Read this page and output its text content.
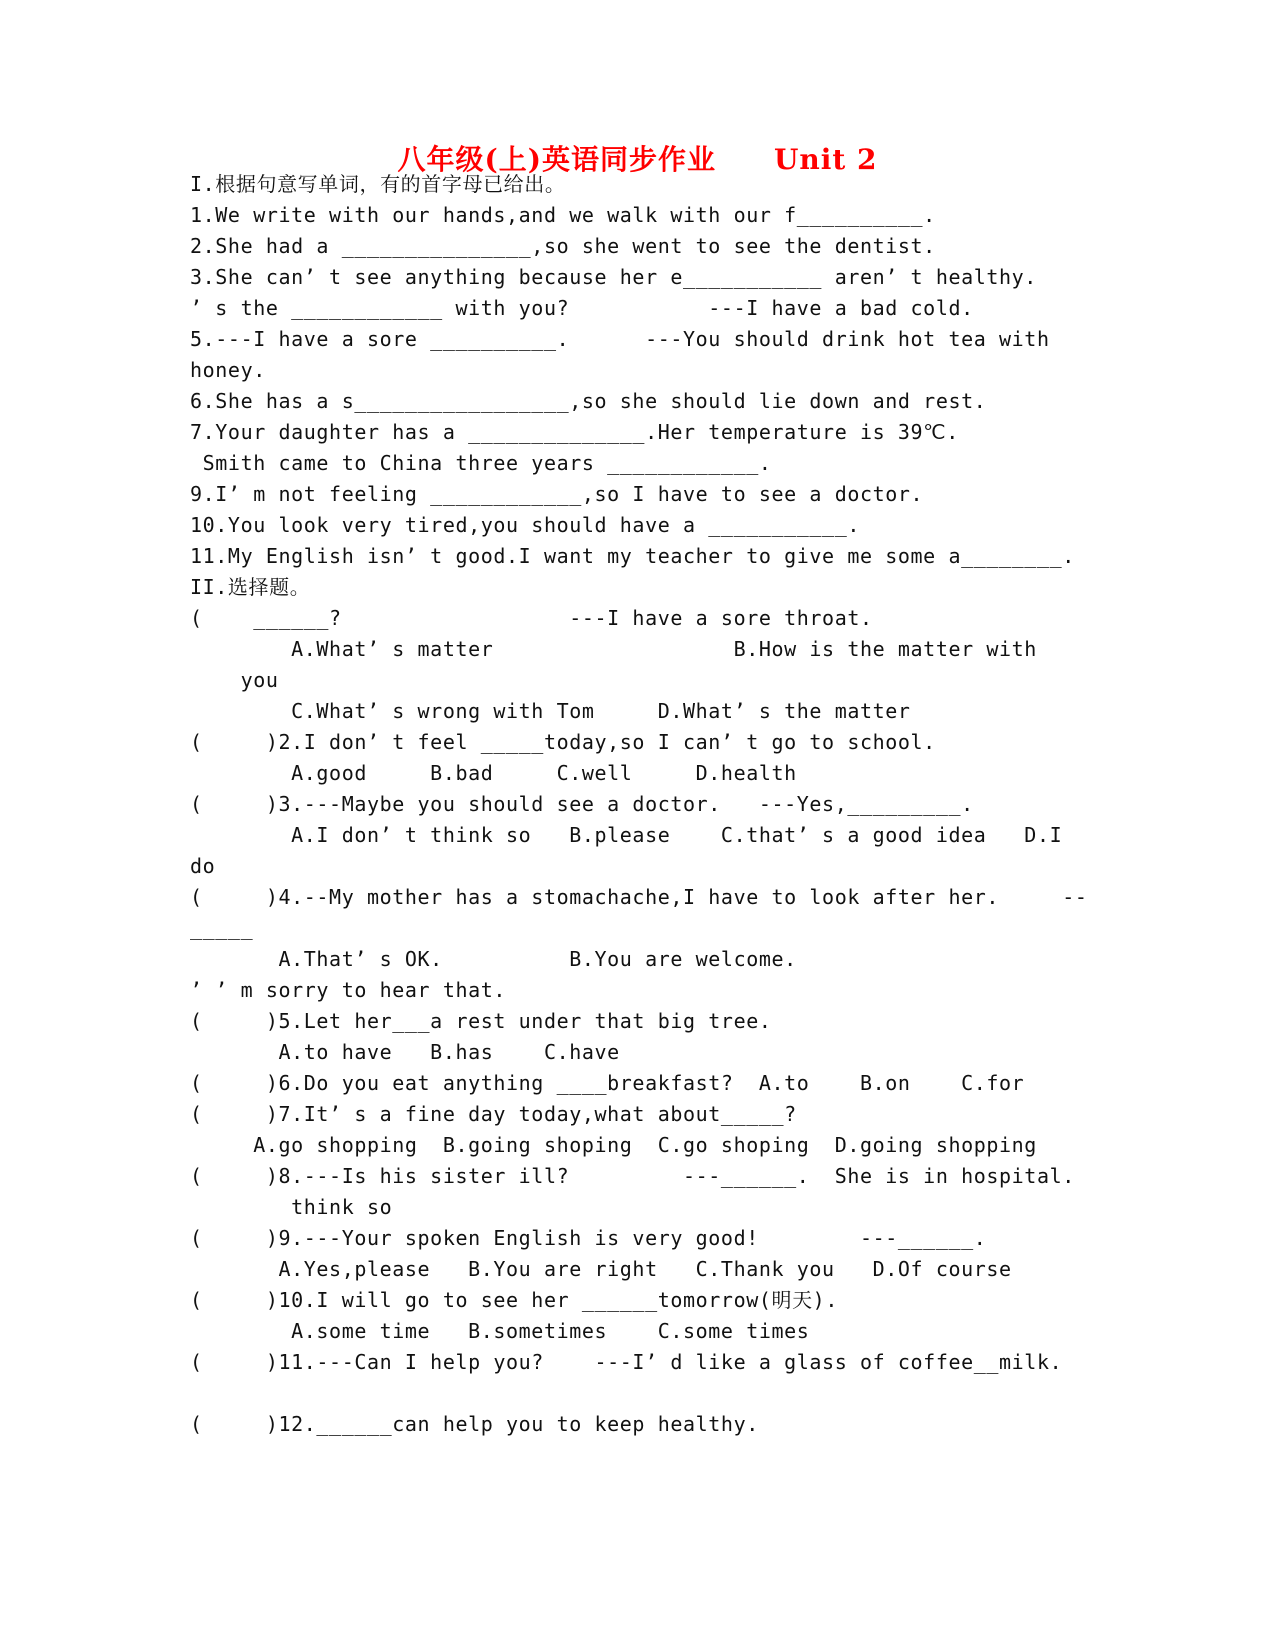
八年级(上)英语同步作业 Unit 2
I.根据句意写单词，有的首字母已给出。
1.We write with our hands,and we walk with our f__________.
2.She had a _______________,so she went to see the dentist.
3.She can’ t see anything because her e___________ aren’ t healthy.
’ s the ____________ with you?           ---I have a bad cold.
5.---I have a sore __________.      ---You should drink hot tea with
honey.
6.She has a s_________________,so she should lie down and rest.
7.Your daughter has a ______________.Her temperature is 39℃.
Smith came to China three years ____________.
9.I’ m not feeling ____________,so I have to see a doctor.
10.You look very tired,you should have a ___________.
11.My English isn’ t good.I want my teacher to give me some a________.
II.选择题。
(    ______?                  ---I have a sore throat.
A.What’ s matter                   B.How is the matter with
you
C.What’ s wrong with Tom     D.What’ s the matter
(     )2.I don’ t feel _____today,so I can’ t go to school.
A.good     B.bad     C.well     D.health
(     )3.---Maybe you should see a doctor.   ---Yes,_________.
A.I don’ t think so   B.please    C.that’ s a good idea   D.I
do
(     )4.--My mother has a stomachache,I have to look after her.     --
_____
A.That’ s OK.          B.You are welcome.
’ ’ m sorry to hear that.
(     )5.Let her___a rest under that big tree.
A.to have   B.has    C.have
(     )6.Do you eat anything ____breakfast?  A.to    B.on    C.for
(     )7.It’ s a fine day today,what about_____?
A.go shopping  B.going shoping  C.go shoping  D.going shopping
(     )8.---Is his sister ill?         ---______.  She is in hospital.
think so
(     )9.---Your spoken English is very good!        ---______.
A.Yes,please   B.You are right   C.Thank you   D.Of course
(     )10.I will go to see her ______tomorrow(明天).
A.some time   B.sometimes    C.some times
(     )11.---Can I help you?    ---I’ d like a glass of coffee__milk.
(     )12.______can help you to keep healthy.
